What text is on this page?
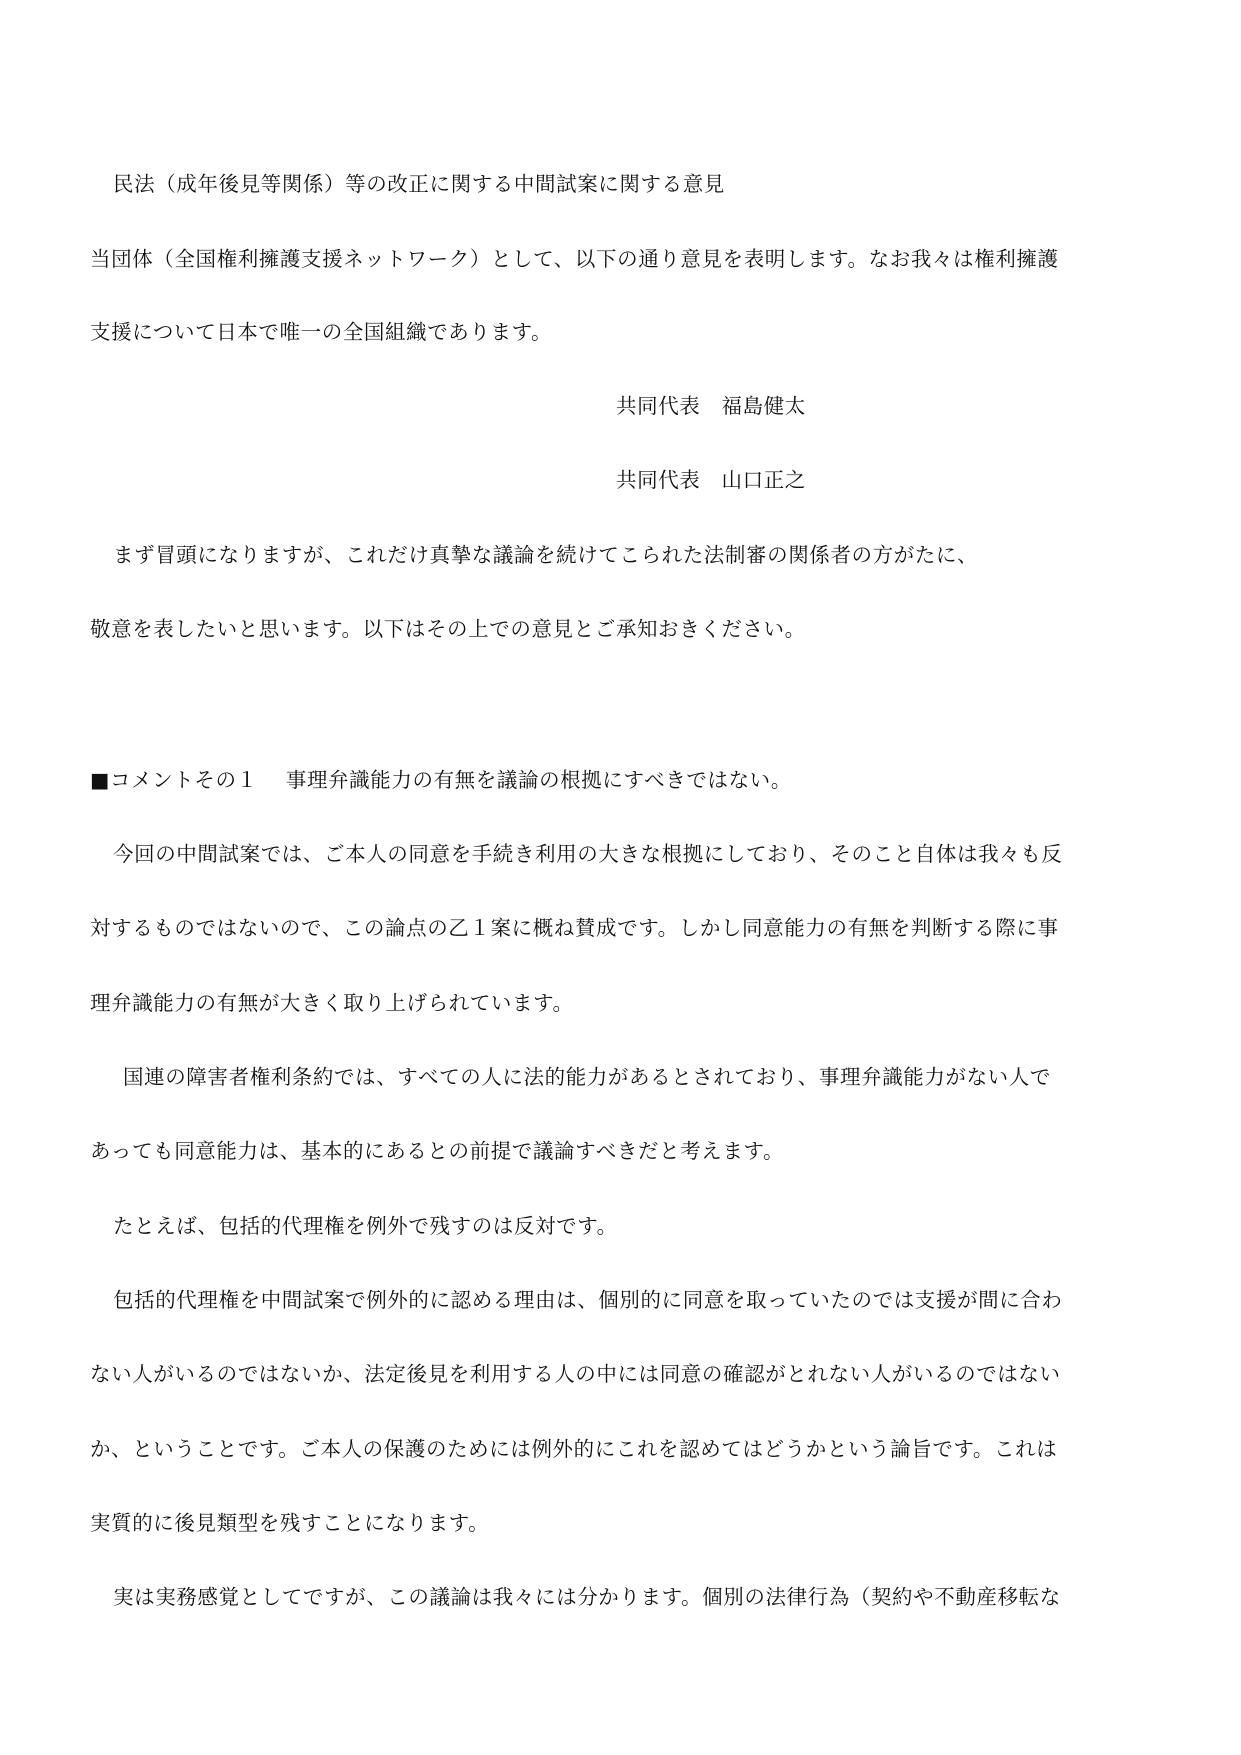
民法（成年後見等関係）等の改正に関する中間試案に関する意見
当団体（全国権利擁護支援ネットワーク）として、以下の通り意見を表明します。なお我々は権利擁護
支援について日本で唯一の全国組織であります。
共同代表　福島健太
共同代表　山口正之
まず冒頭になりますが、これだけ真摯な議論を続けてこられた法制審の関係者の方がたに、
敬意を表したいと思います。以下はその上での意見とご承知おきください。
■コメントその１　 事理弁識能力の有無を議論の根拠にすべきではない。
今回の中間試案では、ご本人の同意を手続き利用の大きな根拠にしており、そのこと自体は我々も反
対するものではないので、この論点の乙１案に概ね賛成です。しかし同意能力の有無を判断する際に事
理弁識能力の有無が大きく取り上げられています。
国連の障害者権利条約では、すべての人に法的能力があるとされており、事理弁識能力がない人で
あっても同意能力は、基本的にあるとの前提で議論すべきだと考えます。
たとえば、包括的代理権を例外で残すのは反対です。
包括的代理権を中間試案で例外的に認める理由は、個別的に同意を取っていたのでは支援が間に合わ
ない人がいるのではないか、法定後見を利用する人の中には同意の確認がとれない人がいるのではない
か、ということです。ご本人の保護のためには例外的にこれを認めてはどうかという論旨です。これは
実質的に後見類型を残すことになります。
実は実務感覚としてですが、この議論は我々には分かります。個別の法律行為（契約や不動産移転な
